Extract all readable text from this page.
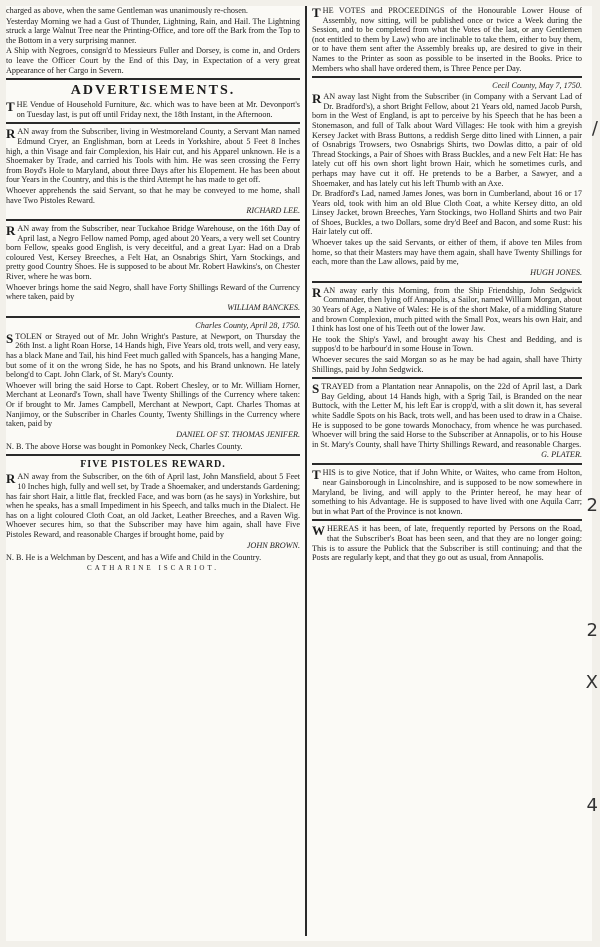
charged as above, when the same Gentleman was unanimously re-chosen.

Yesterday Morning we had a Gust of Thunder, Lightning, Rain, and Hail. The Lightning struck a large Walnut Tree near the Printing-Office, and tore off the Bark from the Top to the Bottom in a very surprising manner.

A Ship with Negroes, consign'd to Messieurs Fuller and Dorsey, is come in, and Orders to leave the Officer Court by the End of this Day, in Expectation of a very great Appearance of her Cargo in Severn.

ADVERTISEMENTS.

THE Vendue of Household Furniture, &c. which was to have been at Mr. Devonport's on Tuesday last, is put off until Friday next, the 18th Instant, in the Afternoon.

RAN away from the Subscriber, living in Westmoreland County, a Servant Man named Edmund Cryer, an Englishman, born at Leeds in Yorkshire, about 5 Feet 8 Inches high, a thin Visage and fair Complexion, his Hair cut, and his Apparel unknown. He is a Shoemaker by Trade, and carried his Tools with him. He was seen crossing the Ferry from Boyd's Hole to Maryland, about three Days after his Elopement. He has been about four Years in the Country, and this is the third Attempt he has made to get off.

Whoever apprehends the said Servant, so that he may be conveyed to me home, shall have Two Pistoles Reward.

RICHARD LEE.

RAN away from the Subscriber, near Tuckahoe Bridge Warehouse, on the 16th Day of April last, a Negro Fellow named Pomp, aged about 20 Years, a very well set Country born Fellow, speaks good English, is very deceitful, and a great Lyar: Had on a Drab coloured Vest, Kersey Breeches, a Felt Hat, an Osnabrigs Shirt, Yarn Stockings, and pretty good Country Shoes. He is supposed to be about Mr. Robert Hawkins's, on Chester River, where he was born.

Whoever brings home the said Negro, shall have Forty Shillings Reward of the Currency where taken, paid by

WILLIAM BANCKES.

Charles County, April 28, 1750.

STOLEN or Strayed out of Mr. John Wright's Pasture, at Newport, on Thursday the 26th Inst. a light Roan Horse, 14 Hands high, Five Years old, trots well, and very easy, has a black Mane and Tail, his hind Feet much galled with Spancels, has a hanging Mane, but some of it on the wrong Side, he has no Spots, and his Brand unknown. He lately belong'd to Capt. John Clark, of St. Mary's County.

Whoever will bring the said Horse to Capt. Robert Chesley, or to Mr. William Horner, Merchant at Leonard's Town, shall have Twenty Shillings of the Currency where taken: Or if brought to Mr. James Campbell, Merchant at Newport, Capt. Charles Thomas at Nanjimoy, or the Subscriber in Charles County, Twenty Shillings in the Currency where taken, paid by

DANIEL OF ST. THOMAS JENIFER.

N. B. The above Horse was bought in Pomonkey Neck, Charles County.

FIVE PISTOLES REWARD.

RAN away from the Subscriber, on the 6th of April last, John Mansfield, about 5 Feet 10 Inches high, fully and well set, by Trade a Shoemaker, and understands Gardening; has fair short Hair, a little flat, freckled Face, and was born (as he says) in Yorkshire, but when he speaks, has a small Impediment in his Speech, and talks much in the Dialect. He has on a light coloured Cloth Coat, an old Jacket, Leather Breeches, and a Raven Wig. Whoever secures him, so that the Subscriber may have him again, shall have Five Pistoles Reward, and reasonable Charges if brought home, paid by

JOHN BROWN.

N. B. He is a Welchman by Descent, and has a Wife and Child in the Country.

CATHARINE ISCARIOT.

THE VOTES and PROCEEDINGS of the Honourable Lower House of Assembly, now sitting, will be published once or twice a Week during the Session, and to be completed from what the Votes of the last, or any Gentlemen (not entitled to them by Law) who are inclinable to take them, either to buy them, or to have them sent after the Assembly breaks up, are desired to give in their Names to the Printer as soon as possible to be inserted in the Books. Price to Members who shall have ordered them, is Three Pence per Day.

Cecil County, May 7, 1750.

RAN away last Night from the Subscriber (in Company with a Servant Lad of Dr. Bradford's), a short Bright Fellow, about 21 Years old, named Jacob Pursh, born in the West of England, is apt to perceive by his Speech that he has been a Stonemason, and full of Talk about Ward Villages: He took with him a greyish Kersey Jacket with Brass Buttons, a reddish Serge ditto lined with Linnen, a pair of Osnabrigs Trowsers, two Osnabrigs Shirts, two Dowlas ditto, a pair of old Thread Stockings, a Pair of Shoes with Brass Buckles, and a new Felt Hat: He has lately cut off his own short light brown Hair, which he sometimes curls, and perhaps may have cut it off. He pretends to be a Barber, a Sawyer, and a Shoemaker, and has lately cut his left Thumb with an Axe.

Dr. Bradford's Lad, named James Jones, was born in Cumberland, about 16 or 17 Years old, took with him an old Blue Cloth Coat, a white Kersey ditto, an old Linsey Jacket, brown Breeches, Yarn Stockings, two Holland Shirts and two Pair of Shoes, Buckles, a two Dollars, some dry'd Beef and Bacon, and some Rust: his Hair lately cut off.

Whoever takes up the said Servants, or either of them, if above ten Miles from home, so that their Masters may have them again, shall have Twenty Shillings for each, more than the Law allows, paid by me,

HUGH JONES.

RAN away early this Morning, from the Ship Friendship, John Sedgwick Commander, then lying off Annapolis, a Sailor, named William Morgan, about 30 Years of Age, a Native of Wales: He is of the short Make, of a middling Stature and brown Complexion, much pitted with the Small Pox, wears his own Hair, and I think has lost one of his Teeth out of the lower Jaw.

He took the Ship's Yawl, and brought away his Chest and Bedding, and is suppos'd to be harbour'd in some House in Town.

Whoever secures the said Morgan so as he may be had again, shall have Thirty Shillings, paid by John Sedgwick.

STRAYED from a Plantation near Annapolis, on the 22d of April last, a Dark Bay Gelding, about 14 Hands high, with a Sprig Tail, is Branded on the near Buttock, with the Letter M, his left Ear is cropp'd, with a slit down it, has several white Saddle Spots on his Back, trots well, and has been used to draw in a Chaise. He is supposed to be gone towards Monochacy, from whence he was purchased. Whoever will bring the said Horse to the Subscriber at Annapolis, or to his House in St. Mary's County, shall have Thirty Shillings Reward, and reasonable Charges.

G. PLATER.

THIS is to give Notice, that if John White, or Waites, who came from Holton, near Gainsborough in Lincolnshire, and is supposed to be now somewhere in Maryland, be living, and will apply to the Printer hereof, he may hear of something to his Advantage. He is supposed to have lived with one Aquila Carr; but in what Part of the Province is not known.

WHEREAS it has been, of late, frequently reported by Persons on the Road, that the Subscriber's Boat has been seen, and that they are no longer going: This is to assure the Publick that the Subscriber is still continuing; and that the Posts are regularly kept, and that they go out as usual, from Annapolis.

/
2
2
X
4
